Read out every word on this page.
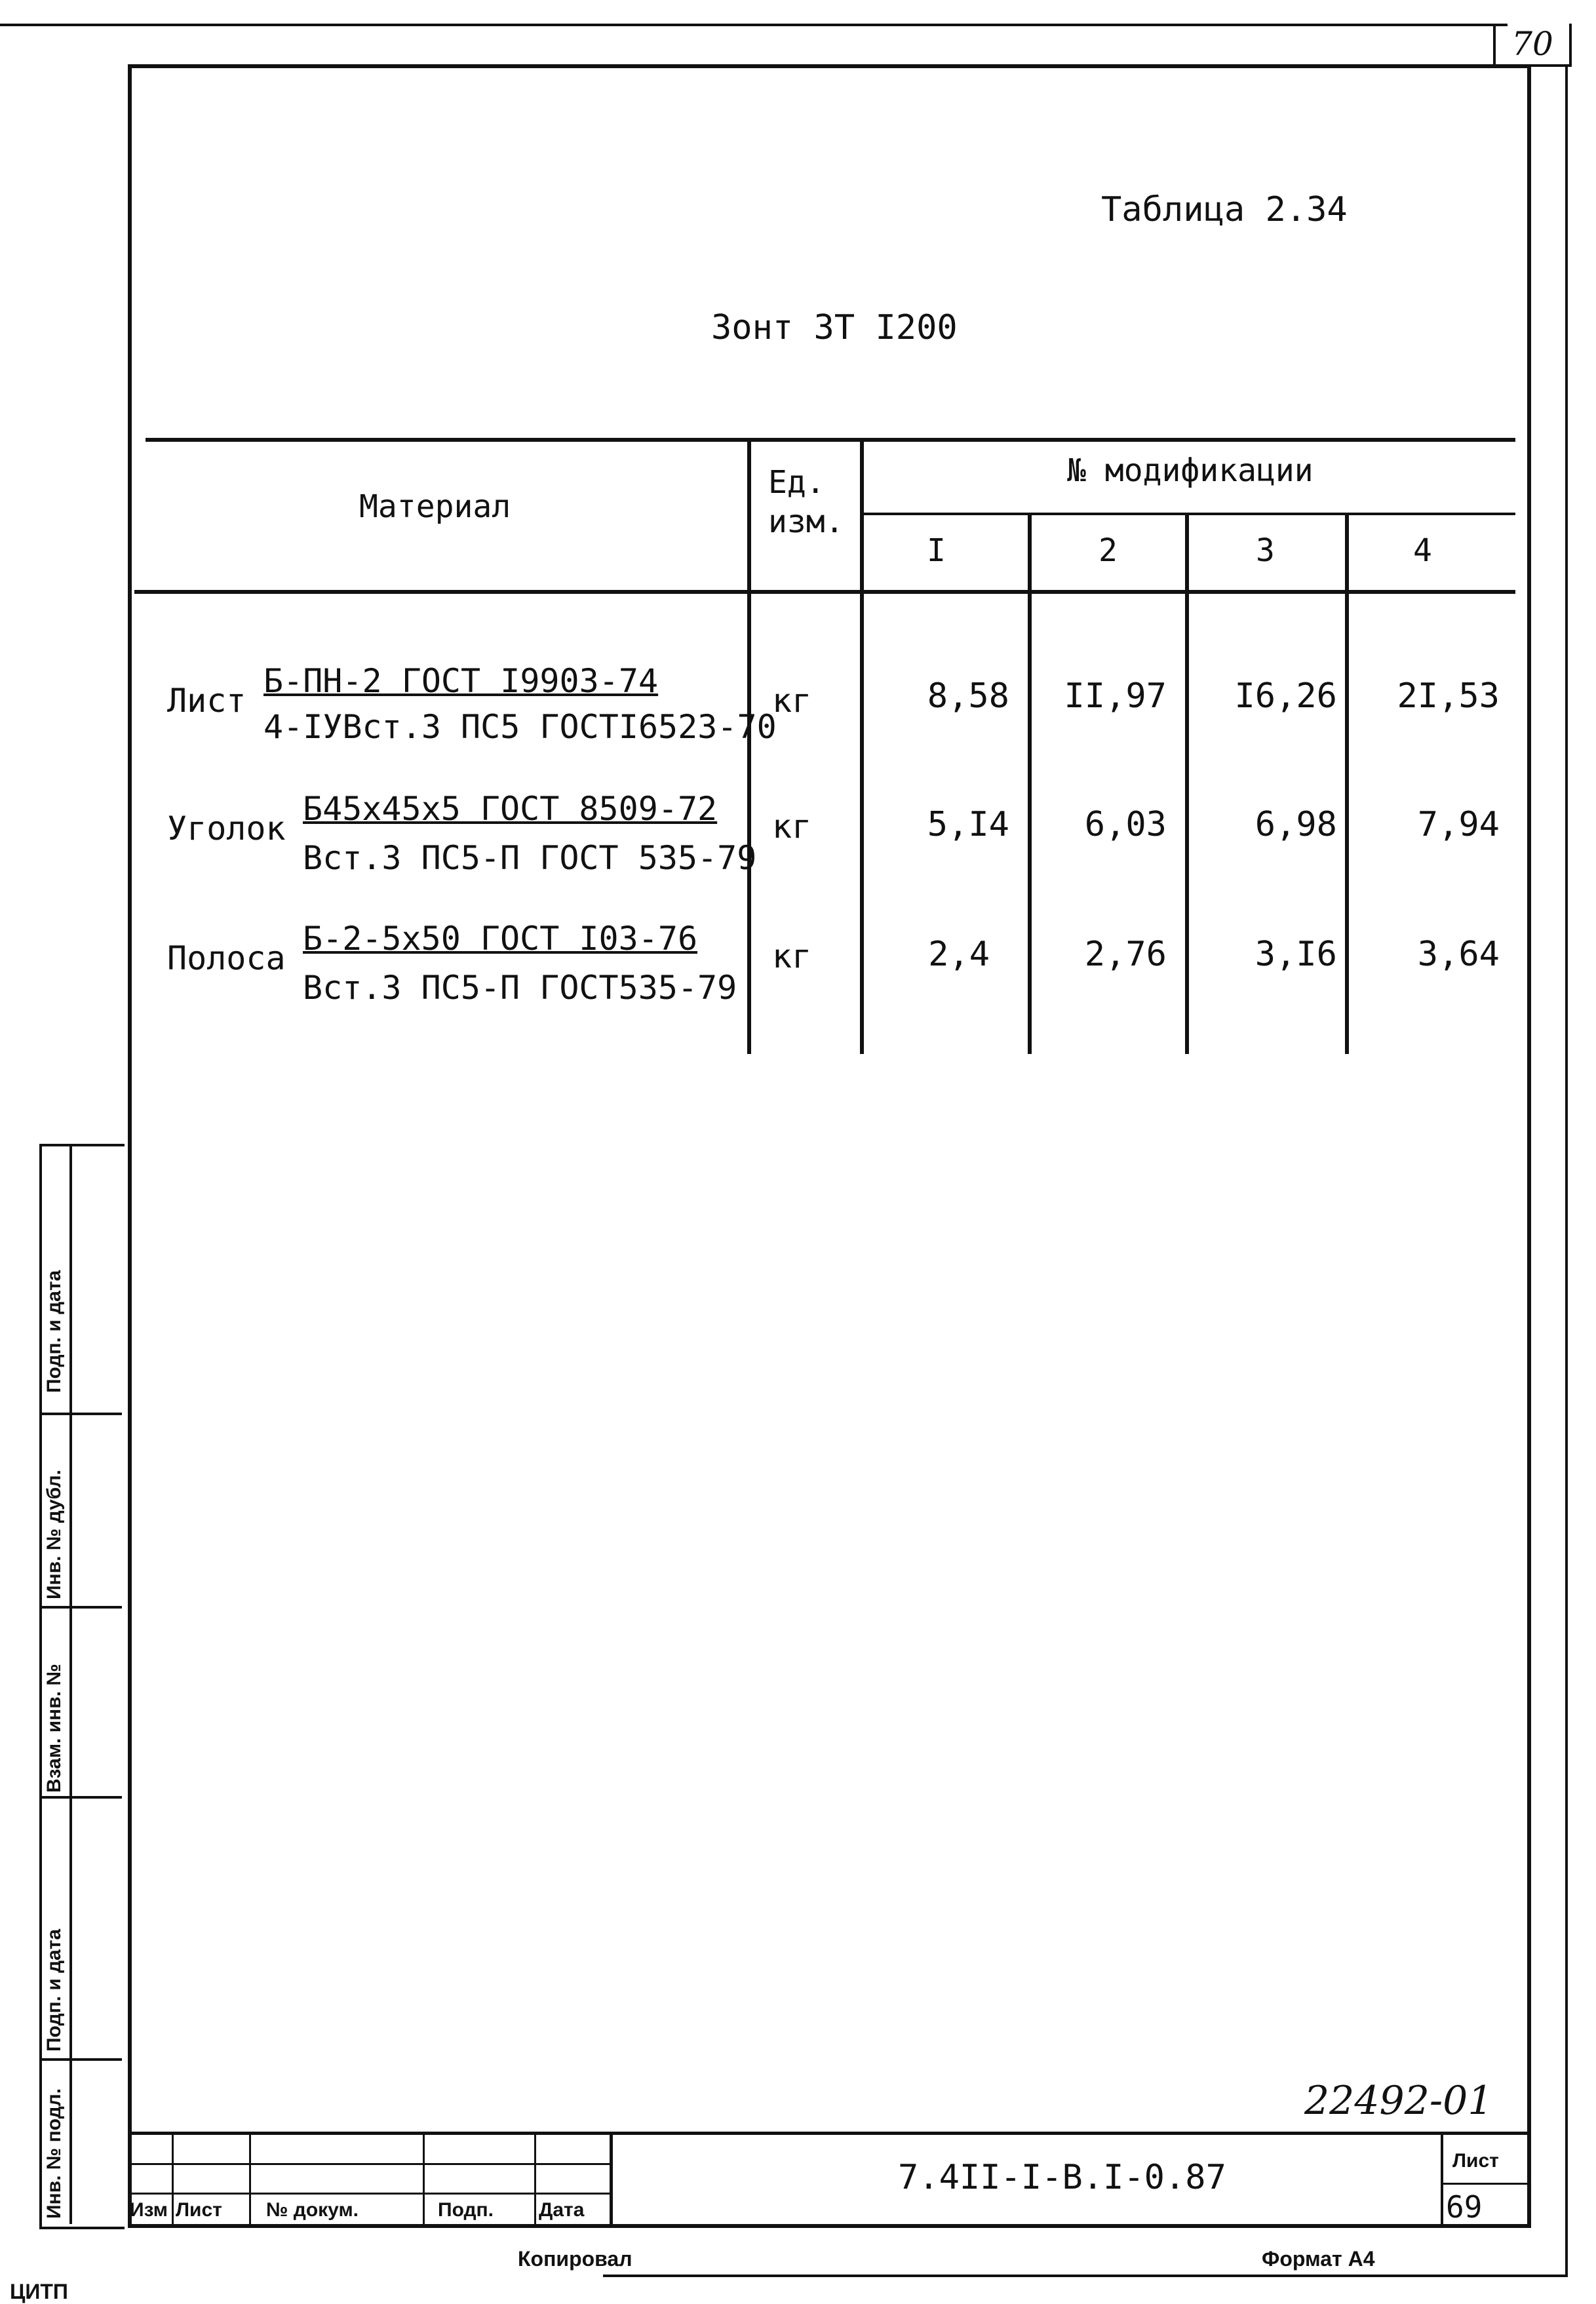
70
Таблица 2.34
Зонт ЗТ I200
Материал
Ед.
изм.
№ модификации
I	2	3	4
Лист
Б-ПН-2 ГОСТ I9903-74
4-IУВст.3 ПС5 ГОСТI6523-70
кг	8,58	II,97	I6,26	2I,53
Уголок
Б45х45х5 ГОСТ 8509-72
Вст.3 ПС5-П ГОСТ 535-79
кг	5,I4	6,03	6,98	7,94
Полоса
Б-2-5х50 ГОСТ I03-76
Вст.3 ПС5-П ГОСТ535-79
кг	2,4	2,76	3,I6	3,64
Инв. № подл.
Подп. и дата
Взам. инв. №
Инв. № дубл.
Подп. и дата
Изм Лист № докум.	Подп. Дата
7.4II-I-В.I-0.87	Лист
69
22492-01
Копировал	Формат А4
ЦИТП
